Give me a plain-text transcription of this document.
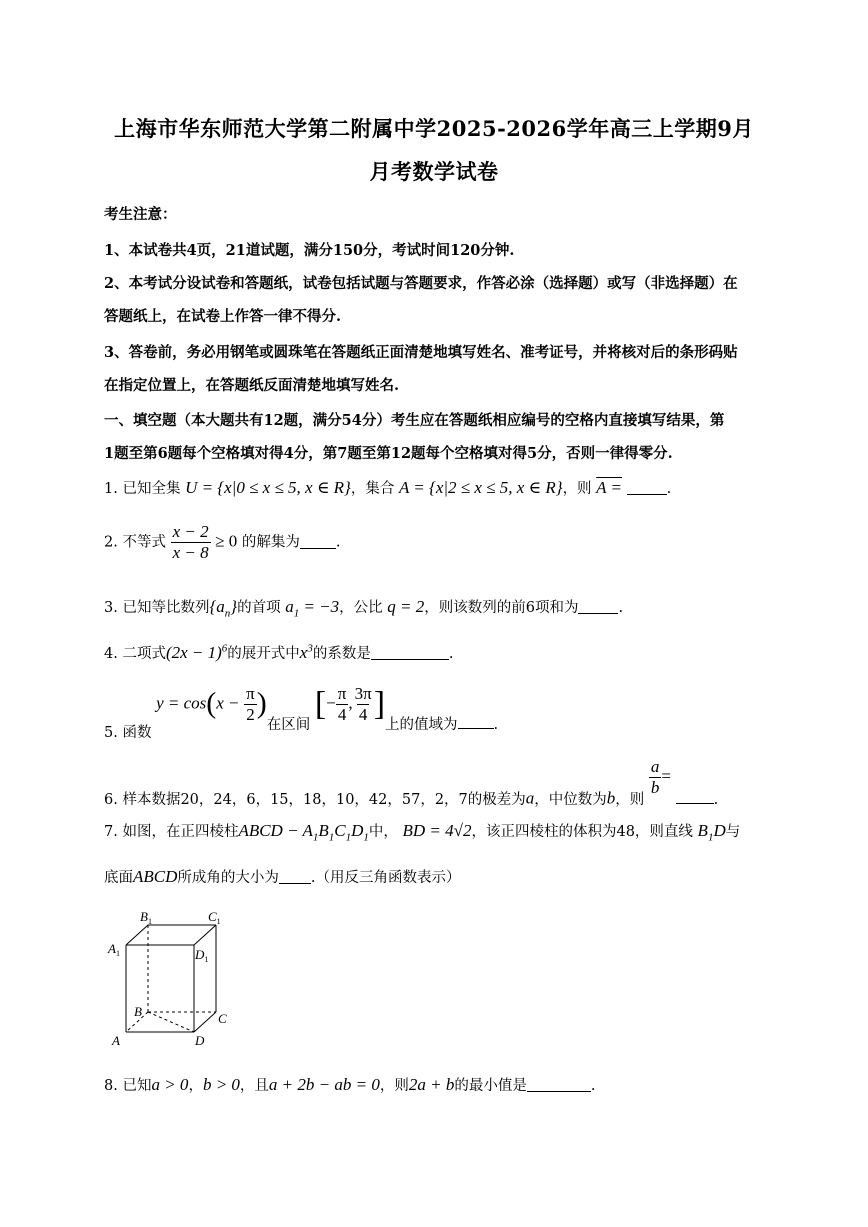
上海市华东师范大学第二附属中学2025-2026学年高三上学期9月
月考数学试卷
考生注意：
1、本试卷共4页，21道试题，满分150分，考试时间120分钟.
2、本考试分设试卷和答题纸，试卷包括试题与答题要求，作答必涂（选择题）或写（非选择题）在
答题纸上，在试卷上作答一律不得分.
3、答卷前，务必用钢笔或圆珠笔在答题纸正面清楚地填写姓名、准考证号，并将核对后的条形码贴
在指定位置上，在答题纸反面清楚地填写姓名.
一、填空题（本大题共有12题，满分54分）考生应在答题纸相应编号的空格内直接填写结果，第
1题至第6题每个空格填对得4分，第7题至第12题每个空格填对得5分，否则一律得零分.
1. 已知全集 U = {x|0 ≤ x ≤ 5, x ∈ R}，集合 A = {x|2 ≤ x ≤ 5, x ∈ R}，则 A =	.
2. 不等式 $\frac{x - 2}{x - 8} \ge 0$ 的解集为 .
3. 已知等比数列$\{a_n\}$的首项 $a_1 = -3$，公比 q = 2，则该数列的前6项和为	.
4. 二项式$(2x - 1)^6$的展开式中$x^3$的系数是	.
5. 函数 $y = \cos(x - \frac{\pi}{2}$ )在区间 [− $\frac{\pi}{4}$ , $\frac{3\pi}{4}$ ]上的值域为 .
6. 样本数据20，24，6，15，18，10，42，57，2，7的极差为a，中位数为b，则
$\frac{a}{b}$ = .
7. 如图，在正四棱柱ABCD − $A_1B_1C_1D_1$中， BD = 4√2，该正四棱柱的体积为48，则直线 $B_1D$与
底面ABCD所成角的大小为 .（用反三角函数表示）
$B_1$	$C_1$
$A_1$	$D_1$
B	C
A	D
8. 已知a > 0，b > 0，且a + 2b − ab = 0，则2a + b的最小值是	.
